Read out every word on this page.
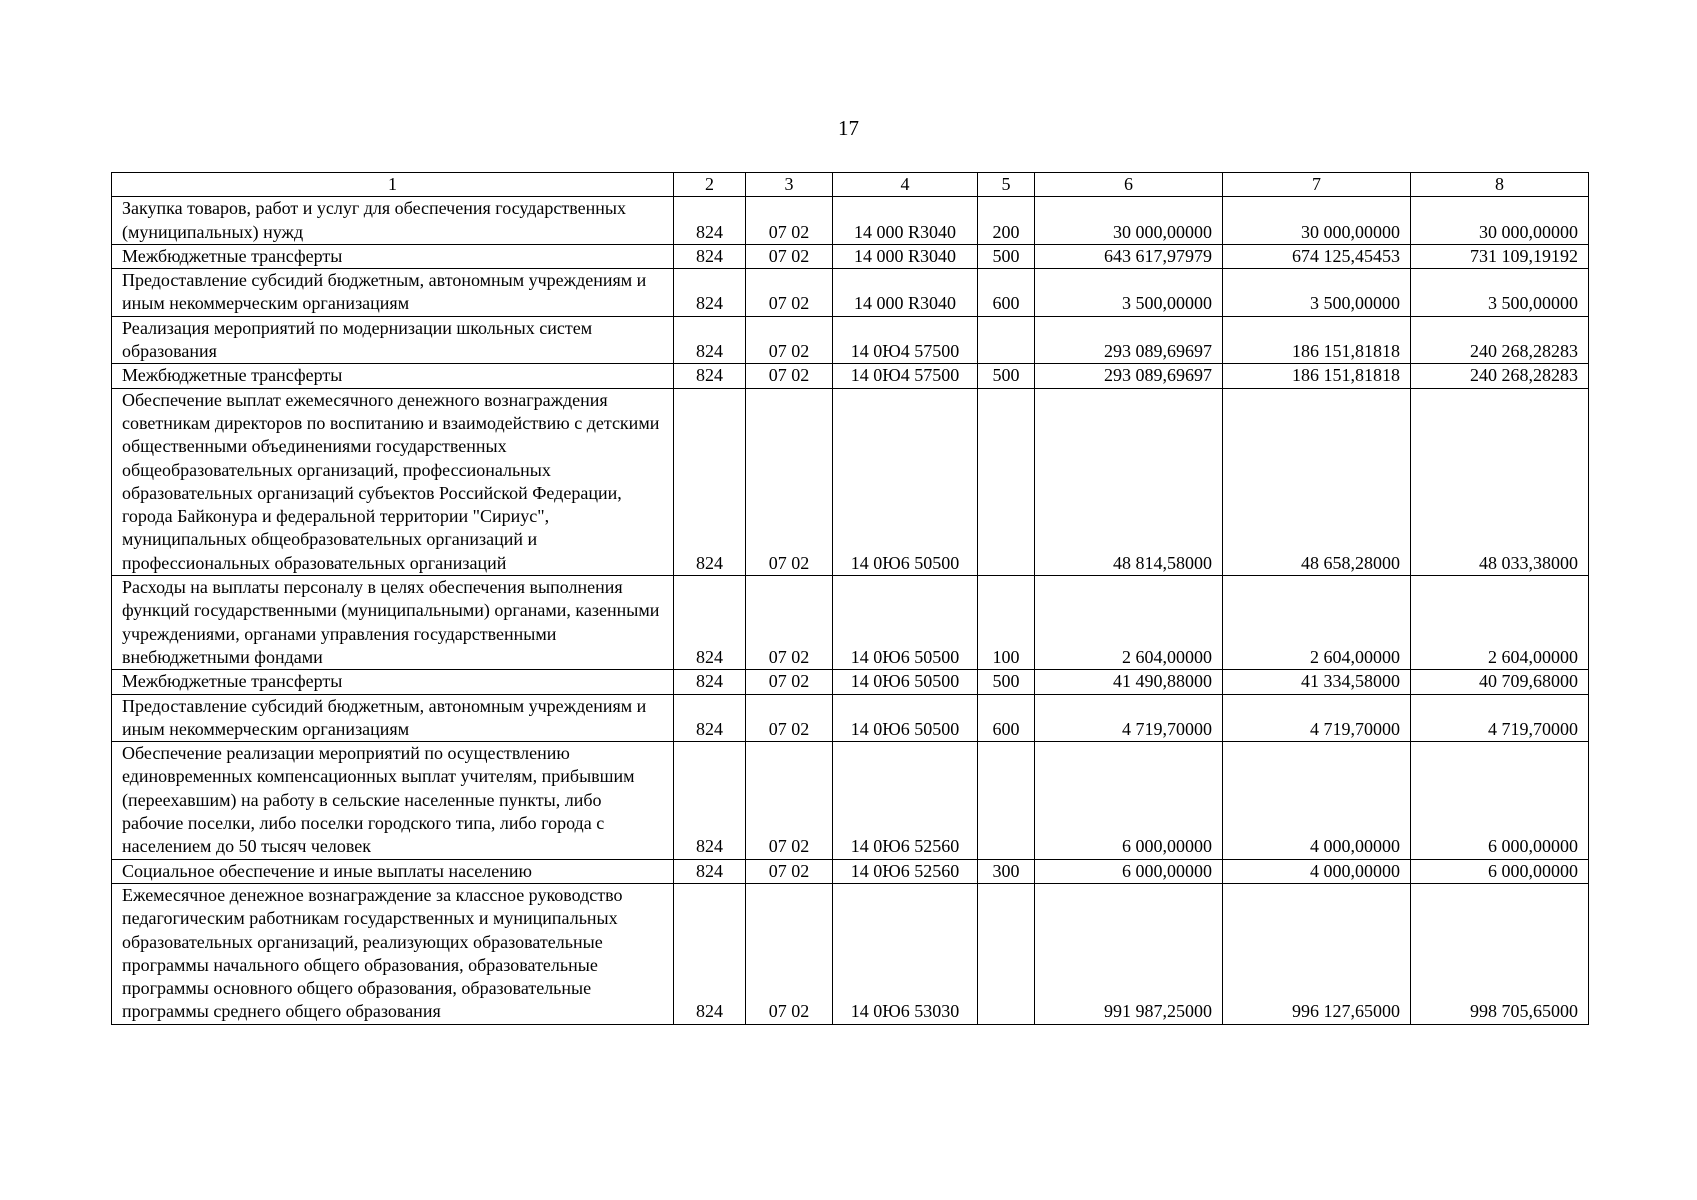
17
1	2	3	4	5	6	7	8
Закупка товаров, работ и услуг для обеспечения государственных (муниципальных) нужд	824	07 02	14 000 R3040	200	30 000,00000	30 000,00000	30 000,00000
Межбюджетные трансферты	824	07 02	14 000 R3040	500	643 617,97979	674 125,45453	731 109,19192
Предоставление субсидий бюджетным, автономным учреждениям и иным некоммерческим организациям	824	07 02	14 000 R3040	600	3 500,00000	3 500,00000	3 500,00000
Реализация мероприятий по модернизации школьных систем образования	824	07 02	14 0Ю4 57500		293 089,69697	186 151,81818	240 268,28283
Межбюджетные трансферты	824	07 02	14 0Ю4 57500	500	293 089,69697	186 151,81818	240 268,28283
Обеспечение выплат ежемесячного денежного вознаграждения советникам директоров по воспитанию и взаимодействию с детскими общественными объединениями государственных общеобразовательных организаций, профессиональных образовательных организаций субъектов Российской Федерации, города Байконура и федеральной территории "Сириус", муниципальных общеобразовательных организаций и профессиональных образовательных организаций	824	07 02	14 0Ю6 50500		48 814,58000	48 658,28000	48 033,38000
Расходы на выплаты персоналу в целях обеспечения выполнения функций государственными (муниципальными) органами, казенными учреждениями, органами управления государственными внебюджетными фондами	824	07 02	14 0Ю6 50500	100	2 604,00000	2 604,00000	2 604,00000
Межбюджетные трансферты	824	07 02	14 0Ю6 50500	500	41 490,88000	41 334,58000	40 709,68000
Предоставление субсидий бюджетным, автономным учреждениям и иным некоммерческим организациям	824	07 02	14 0Ю6 50500	600	4 719,70000	4 719,70000	4 719,70000
Обеспечение реализации мероприятий по осуществлению единовременных компенсационных выплат учителям, прибывшим (переехавшим) на работу в сельские населенные пункты, либо рабочие поселки, либо поселки городского типа, либо города с населением до 50 тысяч человек	824	07 02	14 0Ю6 52560		6 000,00000	4 000,00000	6 000,00000
Социальное обеспечение и иные выплаты населению	824	07 02	14 0Ю6 52560	300	6 000,00000	4 000,00000	6 000,00000
Ежемесячное денежное вознаграждение за классное руководство педагогическим работникам государственных и муниципальных образовательных организаций, реализующих образовательные программы начального общего образования, образовательные программы основного общего образования, образовательные программы среднего общего образования	824	07 02	14 0Ю6 53030		991 987,25000	996 127,65000	998 705,65000
